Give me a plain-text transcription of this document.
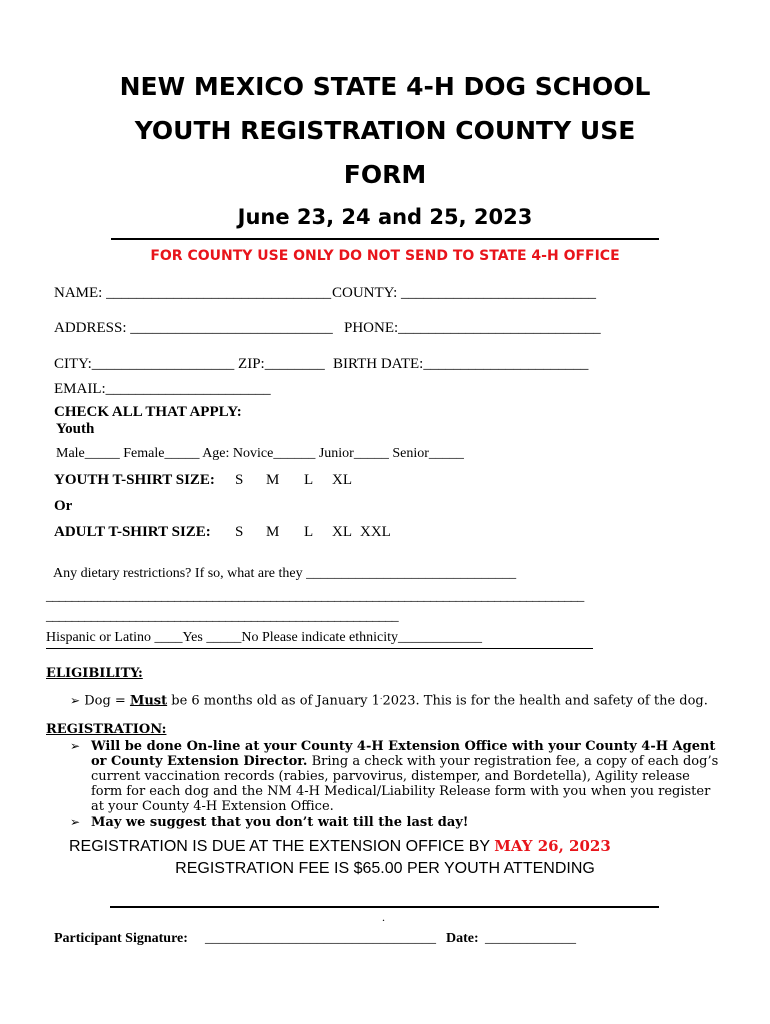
NEW MEXICO STATE 4-H DOG SCHOOL
YOUTH REGISTRATION COUNTY USE
FORM
June 23, 24 and 25, 2023
FOR COUNTY USE ONLY DO NOT SEND TO STATE 4-H OFFICE
NAME: ______________________________ COUNTY: __________________________
ADDRESS: ___________________________ PHONE:___________________________
CITY:___________________ ZIP:________ BIRTH DATE:______________________
EMAIL:______________________
CHECK ALL THAT APPLY:
Youth
Male_____ Female_____ Age: Novice______ Junior_____ Senior_____
YOUTH T-SHIRT SIZE: S M L XL
Or
ADULT T-SHIRT SIZE: S M L XL XXL
Any dietary restrictions? If so, what are they ______________________________
____________________________________________________________________________________
_______________________________________________________
Hispanic or Latino ____Yes _____No Please indicate ethnicity____________
ELIGIBILITY:
➢ Dog = Must be 6 months old as of January 1.2023. This is for the health and safety of the dog.
REGISTRATION:
➢ Will be done On-line at your County 4-H Extension Office with your County 4-H Agent or County Extension Director. Bring a check with your registration fee, a copy of each dog’s current vaccination records (rabies, parvovirus, distemper, and Bordetella), Agility release form for each dog and the NM 4-H Medical/Liability Release form with you when you register at your County 4-H Extension Office.
➢ May we suggest that you don’t wait till the last day!
REGISTRATION IS DUE AT THE EXTENSION OFFICE BY MAY 26, 2023
REGISTRATION FEE IS $65.00 PER YOUTH ATTENDING
.
Participant Signature: _________________________________ Date: _____________
